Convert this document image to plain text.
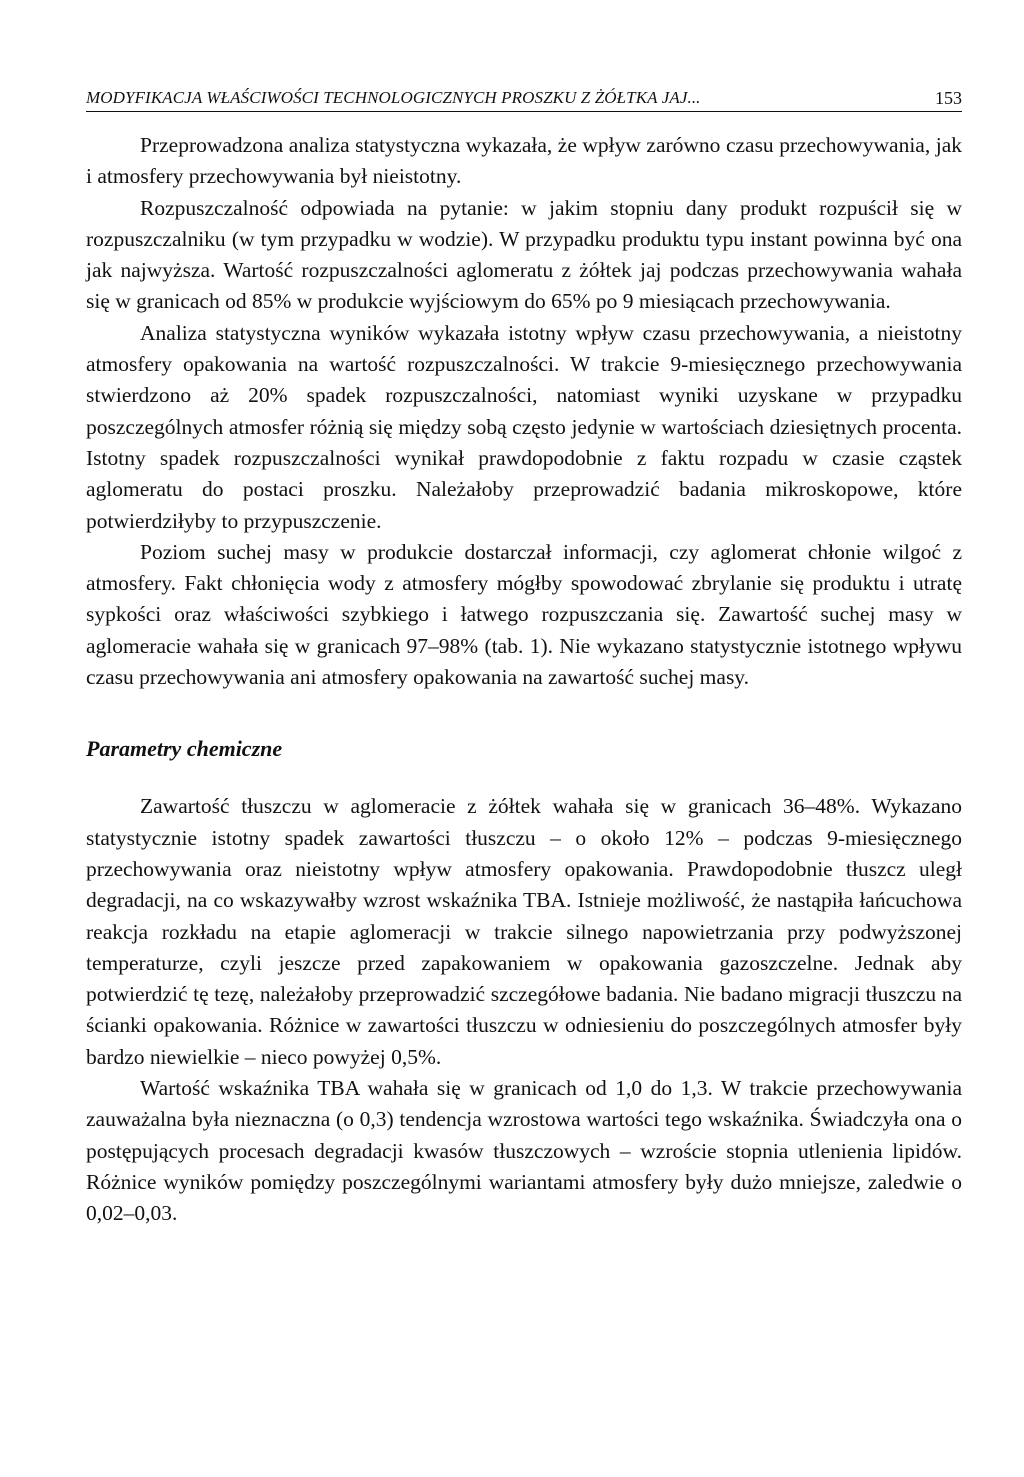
MODYFIKACJA WŁAŚCIWOŚCI TECHNOLOGICZNYCH PROSZKU Z ŻÓŁTKA JAJ...	153

Przeprowadzona analiza statystyczna wykazała, że wpływ zarówno czasu przechowywania, jak i atmosfery przechowywania był nieistotny.

Rozpuszczalność odpowiada na pytanie: w jakim stopniu dany produkt rozpuścił się w rozpuszczalniku (w tym przypadku w wodzie). W przypadku produktu typu instant powinna być ona jak najwyższa. Wartość rozpuszczalności aglomeratu z żółtek jaj podczas przechowywania wahała się w granicach od 85% w produkcie wyjściowym do 65% po 9 miesiącach przechowywania.

Analiza statystyczna wyników wykazała istotny wpływ czasu przechowywania, a nieistotny atmosfery opakowania na wartość rozpuszczalności. W trakcie 9-miesięcznego przechowywania stwierdzono aż 20% spadek rozpuszczalności, natomiast wyniki uzyskane w przypadku poszczególnych atmosfer różnią się między sobą często jedynie w wartościach dziesiętnych procenta. Istotny spadek rozpuszczalności wynikał prawdopodobnie z faktu rozpadu w czasie cząstek aglomeratu do postaci proszku. Należałoby przeprowadzić badania mikroskopowe, które potwierdziłyby to przypuszczenie.

Poziom suchej masy w produkcie dostarczał informacji, czy aglomerat chłonie wilgoć z atmosfery. Fakt chłonięcia wody z atmosfery mógłby spowodować zbrylanie się produktu i utratę sypkości oraz właściwości szybkiego i łatwego rozpuszczania się. Zawartość suchej masy w aglomeracie wahała się w granicach 97–98% (tab. 1). Nie wykazano statystycznie istotnego wpływu czasu przechowywania ani atmosfery opakowania na zawartość suchej masy.

Parametry chemiczne

Zawartość tłuszczu w aglomeracie z żółtek wahała się w granicach 36–48%. Wykazano statystycznie istotny spadek zawartości tłuszczu – o około 12% – podczas 9-miesięcznego przechowywania oraz nieistotny wpływ atmosfery opakowania. Prawdopodobnie tłuszcz uległ degradacji, na co wskazywałby wzrost wskaźnika TBA. Istnieje możliwość, że nastąpiła łańcuchowa reakcja rozkładu na etapie aglomeracji w trakcie silnego napowietrzania przy podwyższonej temperaturze, czyli jeszcze przed zapakowaniem w opakowania gazoszczelne. Jednak aby potwierdzić tę tezę, należałoby przeprowadzić szczegółowe badania. Nie badano migracji tłuszczu na ścianki opakowania. Różnice w zawartości tłuszczu w odniesieniu do poszczególnych atmosfer były bardzo niewielkie – nieco powyżej 0,5%.

Wartość wskaźnika TBA wahała się w granicach od 1,0 do 1,3. W trakcie przechowywania zauważalna była nieznaczna (o 0,3) tendencja wzrostowa wartości tego wskaźnika. Świadczyła ona o postępujących procesach degradacji kwasów tłuszczowych – wzroście stopnia utlenienia lipidów. Różnice wyników pomiędzy poszczególnymi wariantami atmosfery były dużo mniejsze, zaledwie o 0,02–0,03.
